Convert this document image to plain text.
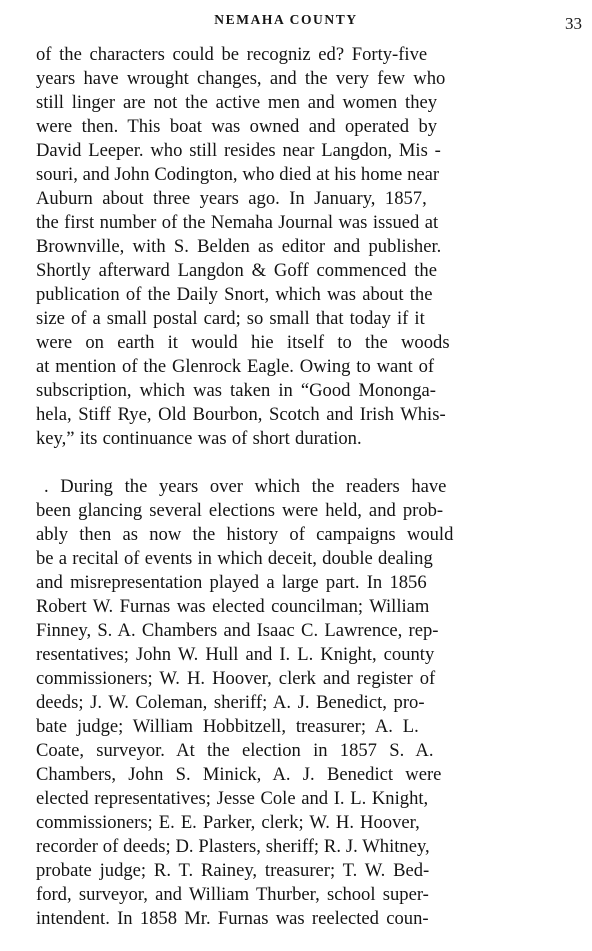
NEMAHA COUNTY	33
of the characters could be recogniz ed? Forty-five
years have wrought changes, and the very few who
still linger are not the active men and women they
were then. This boat was owned and operated by
David Leeper. who still resides near Langdon, Mis -
souri, and John Codington, who died at his home near
Auburn about three years ago. In January, 1857,
the first number of the Nemaha Journal was issued at
Brownville, with S. Belden as editor and publisher.
Shortly afterward Langdon & Goff commenced the
publication of the Daily Snort, which was about the
size of a small postal card; so small that today if it
were on earth it would hie itself to the woods
at mention of the Glenrock Eagle. Owing to want of
subscription, which was taken in “Good Mononga-
hela, Stiff Rye, Old Bourbon, Scotch and Irish Whis-
key,” its continuance was of short duration.
. During the years over which the readers have
been glancing several elections were held, and prob-
ably then as now the history of campaigns would
be a recital of events in which deceit, double dealing
and misrepresentation played a large part. In 1856
Robert W. Furnas was elected councilman; William
Finney, S. A. Chambers and Isaac C. Lawrence, rep-
resentatives; John W. Hull and I. L. Knight, county
commissioners; W. H. Hoover, clerk and register of
deeds; J. W. Coleman, sheriff; A. J. Benedict, pro-
bate judge; William Hobbitzell, treasurer; A. L.
Coate, surveyor. At the election in 1857 S. A.
Chambers, John S. Minick, A. J. Benedict were
elected representatives; Jesse Cole and I. L. Knight,
commissioners; E. E. Parker, clerk; W. H. Hoover,
recorder of deeds; D. Plasters, sheriff; R. J. Whitney,
probate judge; R. T. Rainey, treasurer; T. W. Bed-
ford, surveyor, and William Thurber, school super-
intendent. In 1858 Mr. Furnas was reelected coun-
